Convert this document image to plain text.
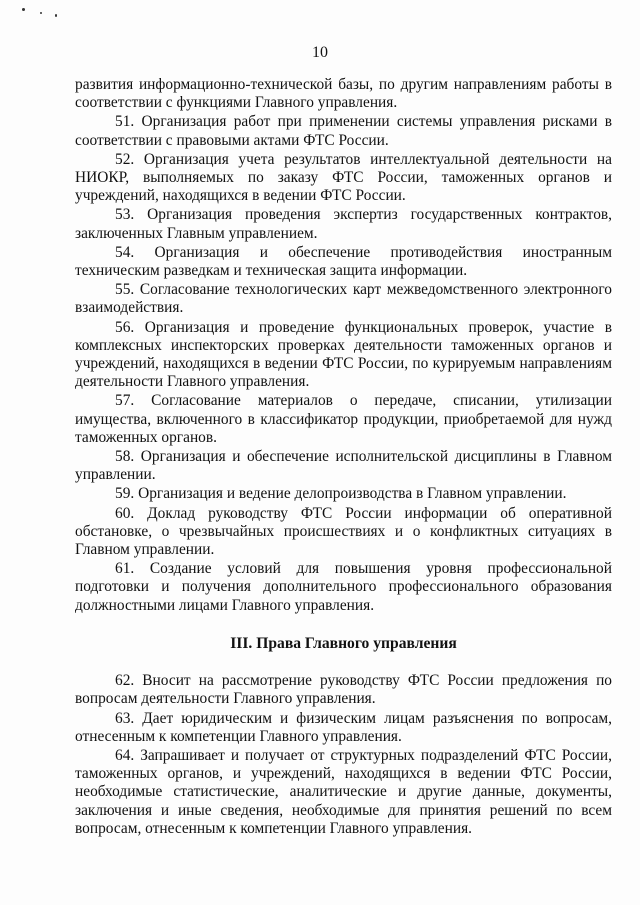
10

развития информационно-технической базы, по другим направлениям работы в соответствии с функциями Главного управления.

51. Организация работ при применении системы управления рисками в соответствии с правовыми актами ФТС России.

52. Организация учета результатов интеллектуальной деятельности на НИОКР, выполняемых по заказу ФТС России, таможенных органов и учреждений, находящихся в ведении ФТС России.

53. Организация проведения экспертиз государственных контрактов, заключенных Главным управлением.

54. Организация и обеспечение противодействия иностранным техническим разведкам и техническая защита информации.

55. Согласование технологических карт межведомственного электронного взаимодействия.

56. Организация и проведение функциональных проверок, участие в комплексных инспекторских проверках деятельности таможенных органов и учреждений, находящихся в ведении ФТС России, по курируемым направлениям деятельности Главного управления.

57. Согласование материалов о передаче, списании, утилизации имущества, включенного в классификатор продукции, приобретаемой для нужд таможенных органов.

58. Организация и обеспечение исполнительской дисциплины в Главном управлении.

59. Организация и ведение делопроизводства в Главном управлении.

60. Доклад руководству ФТС России информации об оперативной обстановке, о чрезвычайных происшествиях и о конфликтных ситуациях в Главном управлении.

61. Создание условий для повышения уровня профессиональной подготовки и получения дополнительного профессионального образования должностными лицами Главного управления.

III. Права Главного управления

62. Вносит на рассмотрение руководству ФТС России предложения по вопросам деятельности Главного управления.

63. Дает юридическим и физическим лицам разъяснения по вопросам, отнесенным к компетенции Главного управления.

64. Запрашивает и получает от структурных подразделений ФТС России, таможенных органов, и учреждений, находящихся в ведении ФТС России, необходимые статистические, аналитические и другие данные, документы, заключения и иные сведения, необходимые для принятия решений по всем вопросам, отнесенным к компетенции Главного управления.
